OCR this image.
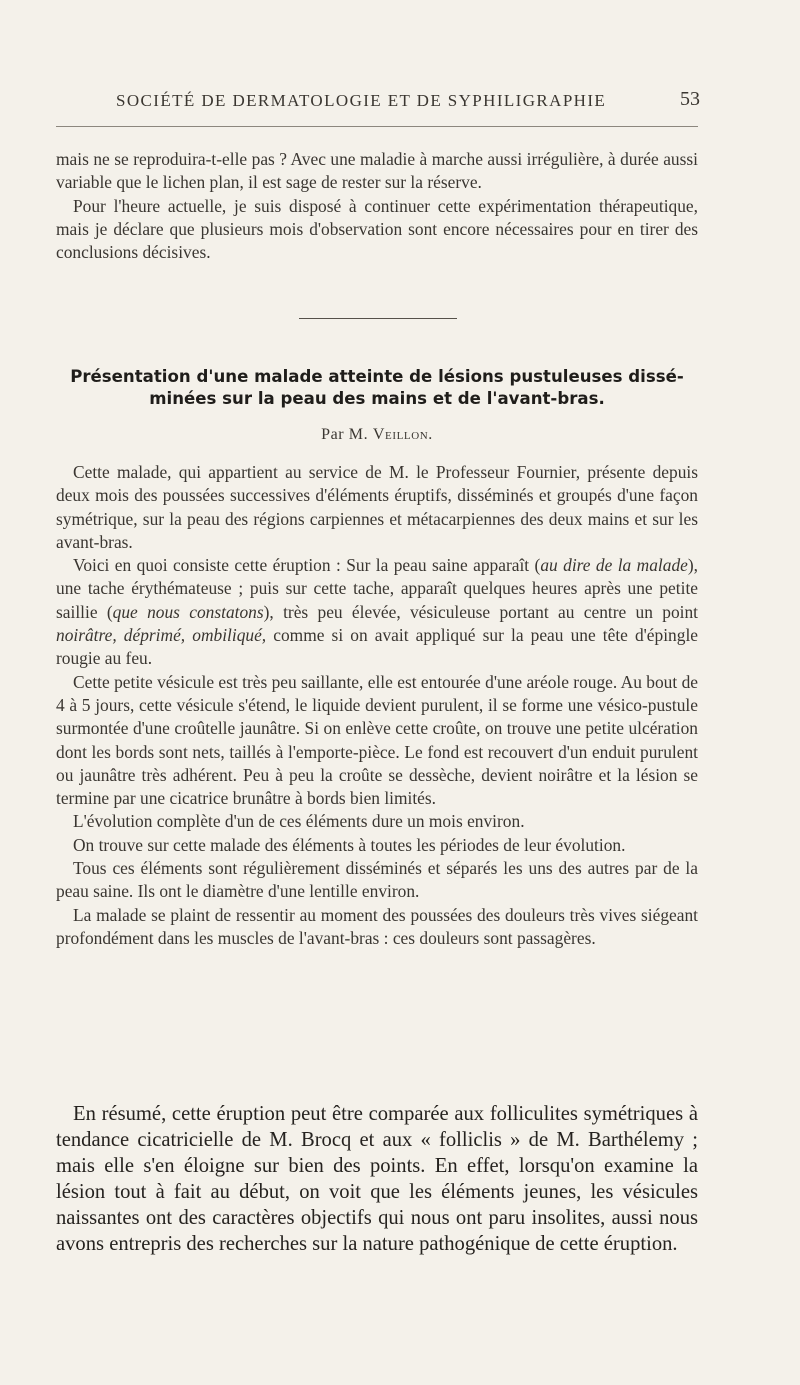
SOCIÉTÉ DE DERMATOLOGIE ET DE SYPHILIGRAPHIE	53

mais ne se reproduira-t-elle pas ? Avec une maladie à marche aussi irrégulière, à durée aussi variable que le lichen plan, il est sage de rester sur la réserve.

Pour l'heure actuelle, je suis disposé à continuer cette expérimentation thérapeutique, mais je déclare que plusieurs mois d'observation sont encore nécessaires pour en tirer des conclusions décisives.

Présentation d'une malade atteinte de lésions pustuleuses dissé-
minées sur la peau des mains et de l'avant-bras.
Par M. Veillon.

Cette malade, qui appartient au service de M. le Professeur Fournier, présente depuis deux mois des poussées successives d'éléments éruptifs, disséminés et groupés d'une façon symétrique, sur la peau des régions carpiennes et métacarpiennes des deux mains et sur les avant-bras.

Voici en quoi consiste cette éruption : Sur la peau saine apparaît (au dire de la malade), une tache érythémateuse ; puis sur cette tache, apparaît quelques heures après une petite saillie (que nous constatons), très peu élevée, vésiculeuse portant au centre un point noirâtre, déprimé, ombiliqué, comme si on avait appliqué sur la peau une tête d'épingle rougie au feu.

Cette petite vésicule est très peu saillante, elle est entourée d'une aréole rouge. Au bout de 4 à 5 jours, cette vésicule s'étend, le liquide devient purulent, il se forme une vésico-pustule surmontée d'une croûtelle jaunâtre. Si on enlève cette croûte, on trouve une petite ulcération dont les bords sont nets, taillés à l'emporte-pièce. Le fond est recouvert d'un enduit purulent ou jaunâtre très adhérent. Peu à peu la croûte se dessèche, devient noirâtre et la lésion se termine par une cicatrice brunâtre à bords bien limités.

L'évolution complète d'un de ces éléments dure un mois environ.

On trouve sur cette malade des éléments à toutes les périodes de leur évolution.

Tous ces éléments sont régulièrement disséminés et séparés les uns des autres par de la peau saine. Ils ont le diamètre d'une lentille environ.

La malade se plaint de ressentir au moment des poussées des douleurs très vives siégeant profondément dans les muscles de l'avant-bras : ces douleurs sont passagères.

En résumé, cette éruption peut être comparée aux folliculites symétriques à tendance cicatricielle de M. Brocq et aux « folliclis » de M. Barthélemy ; mais elle s'en éloigne sur bien des points. En effet, lorsqu'on examine la lésion tout à fait au début, on voit que les éléments jeunes, les vésicules naissantes ont des caractères objectifs qui nous ont paru insolites, aussi nous avons entrepris des recherches sur la nature pathogénique de cette éruption.
